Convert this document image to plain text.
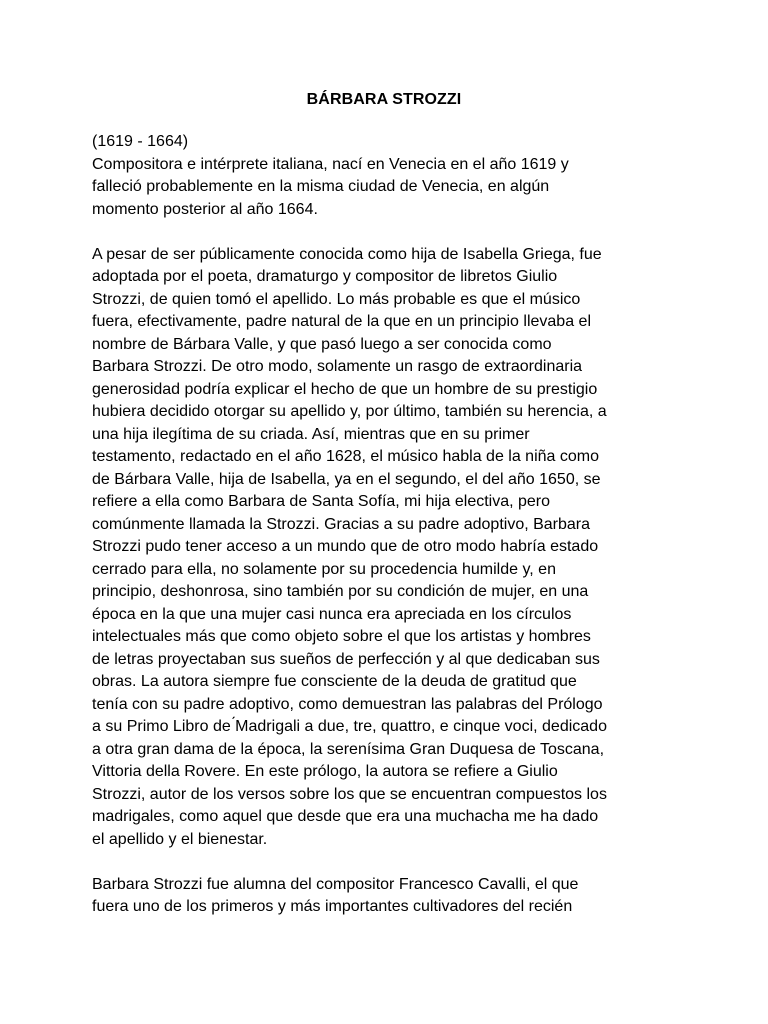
BÁRBARA STROZZI
(1619 - 1664)
Compositora e intérprete italiana, nací en Venecia en el año 1619 y
falleció probablemente en la misma ciudad de Venecia, en algún
momento posterior al año 1664.
A pesar de ser públicamente conocida como hija de Isabella Griega, fue
adoptada por el poeta, dramaturgo y compositor de libretos Giulio
Strozzi, de quien tomó el apellido. Lo más probable es que el músico
fuera, efectivamente, padre natural de la que en un principio llevaba el
nombre de Bárbara Valle, y que pasó luego a ser conocida como
Barbara Strozzi. De otro modo, solamente un rasgo de extraordinaria
generosidad podría explicar el hecho de que un hombre de su prestigio
hubiera decidido otorgar su apellido y, por último, también su herencia, a
una hija ilegítima de su criada. Así, mientras que en su primer
testamento, redactado en el año 1628, el músico habla de la niña como
de Bárbara Valle, hija de Isabella, ya en el segundo, el del año 1650, se
refiere a ella como Barbara de Santa Sofía, mi hija electiva, pero
comúnmente llamada la Strozzi. Gracias a su padre adoptivo, Barbara
Strozzi pudo tener acceso a un mundo que de otro modo habría estado
cerrado para ella, no solamente por su procedencia humilde y, en
principio, deshonrosa, sino también por su condición de mujer, en una
época en la que una mujer casi nunca era apreciada en los círculos
intelectuales más que como objeto sobre el que los artistas y hombres
de letras proyectaban sus sueños de perfección y al que dedicaban sus
obras. La autora siempre fue consciente de la deuda de gratitud que
tenía con su padre adoptivo, como demuestran las palabras del Prólogo
a su Primo Libro de ́Madrigali a due, tre, quattro, e cinque voci, dedicado
a otra gran dama de la época, la serenísima Gran Duquesa de Toscana,
Vittoria della Rovere. En este prólogo, la autora se refiere a Giulio
Strozzi, autor de los versos sobre los que se encuentran compuestos los
madrigales, como aquel que desde que era una muchacha me ha dado
el apellido y el bienestar.
Barbara Strozzi fue alumna del compositor Francesco Cavalli, el que
fuera uno de los primeros y más importantes cultivadores del recién
